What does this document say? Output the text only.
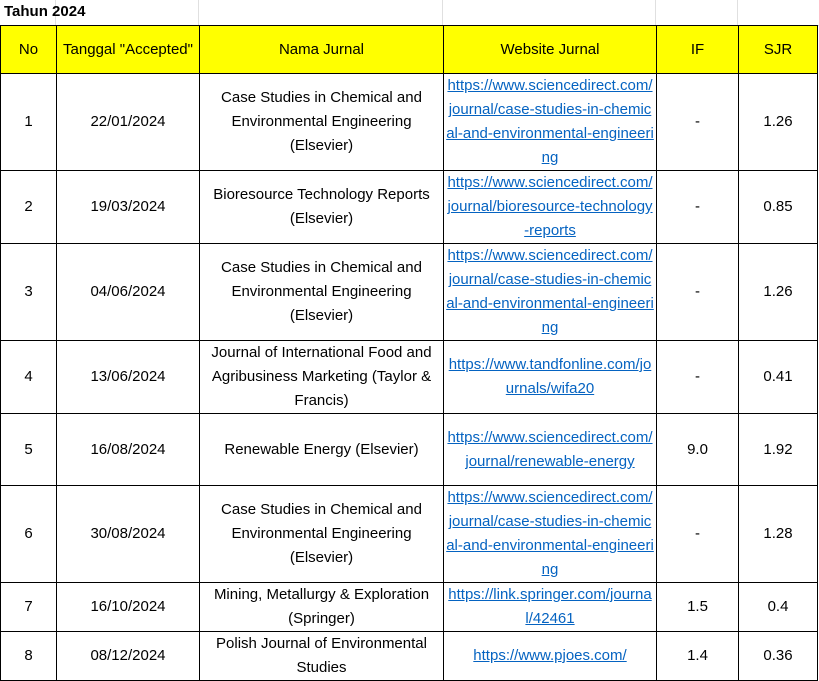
Tahun 2024
No	Tanggal "Accepted"	Nama Jurnal	Website Jurnal	IF	SJR
1	22/01/2024	Case Studies in Chemical and Environmental Engineering (Elsevier)	https://www.sciencedirect.com/journal/case-studies-in-chemical-and-environmental-engineering	-	1.26
2	19/03/2024	Bioresource Technology Reports (Elsevier)	https://www.sciencedirect.com/journal/bioresource-technology-reports	-	0.85
3	04/06/2024	Case Studies in Chemical and Environmental Engineering (Elsevier)	https://www.sciencedirect.com/journal/case-studies-in-chemical-and-environmental-engineering	-	1.26
4	13/06/2024	Journal of International Food and Agribusiness Marketing (Taylor & Francis)	https://www.tandfonline.com/journals/wifa20	-	0.41
5	16/08/2024	Renewable Energy (Elsevier)	https://www.sciencedirect.com/journal/renewable-energy	9.0	1.92
6	30/08/2024	Case Studies in Chemical and Environmental Engineering (Elsevier)	https://www.sciencedirect.com/journal/case-studies-in-chemical-and-environmental-engineering	-	1.28
7	16/10/2024	Mining, Metallurgy & Exploration (Springer)	https://link.springer.com/journal/42461	1.5	0.4
8	08/12/2024	Polish Journal of Environmental Studies	https://www.pjoes.com/	1.4	0.36
